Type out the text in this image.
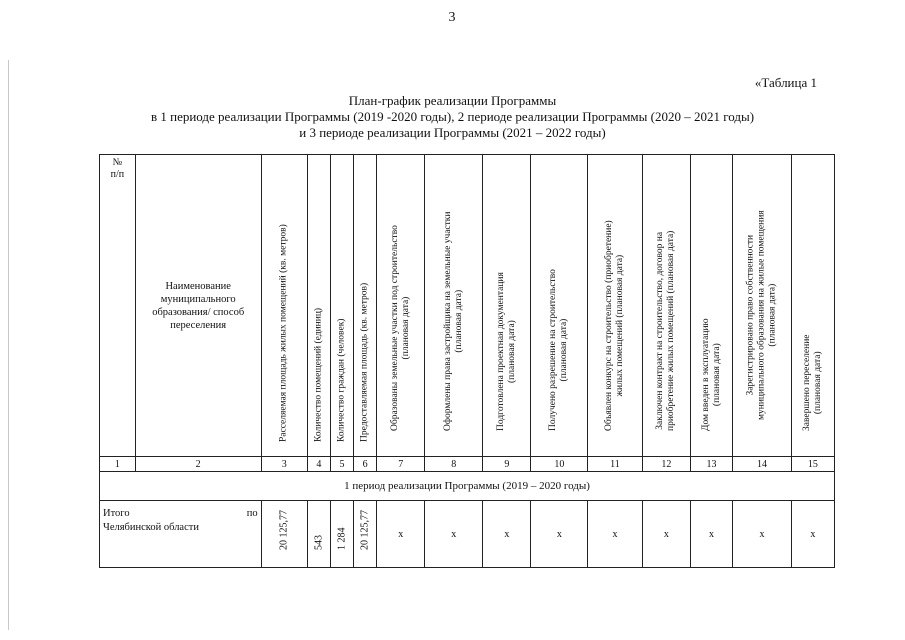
3
«Таблица 1
План-график реализации Программы
в 1 периоде реализации Программы (2019 -2020 годы), 2 периоде реализации Программы (2020 – 2021 годы)
и 3 периоде реализации Программы (2021 – 2022 годы)
№
п/п	Наименование муниципального образования/ способ переселения	Расселяемая площадь жилых помещений (кв. метров)	Количество помещений (единиц)	Количество граждан (человек)	Предоставляемая площадь (кв. метров)	Образованы земельные участки под строительство (плановая дата)	Оформлены права застройщика на земельные участки (плановая дата)	Подготовлена проектная документация (плановая дата)	Получено разрешение на строительство (плановая дата)	Объявлен конкурс на строительство (приобретение) жилых помещений (плановая дата)	Заключен контракт на строительство, договор на приобретение жилых помещений (плановая дата)	Дом введен в эксплуатацию (плановая дата)	Зарегистрировано право собственности муниципального образования на жилые помещения (плановая дата)	Завершено переселение (плановая дата)

1	2	3	4	5	6	7	8	9	10	11	12	13	14	15
1 период реализации Программы (2019 – 2020 годы)														

Итого по
Челябинской области		20 125,77	543	1 284	20 125,77	x	x	x	x	x	x	x	x	x
